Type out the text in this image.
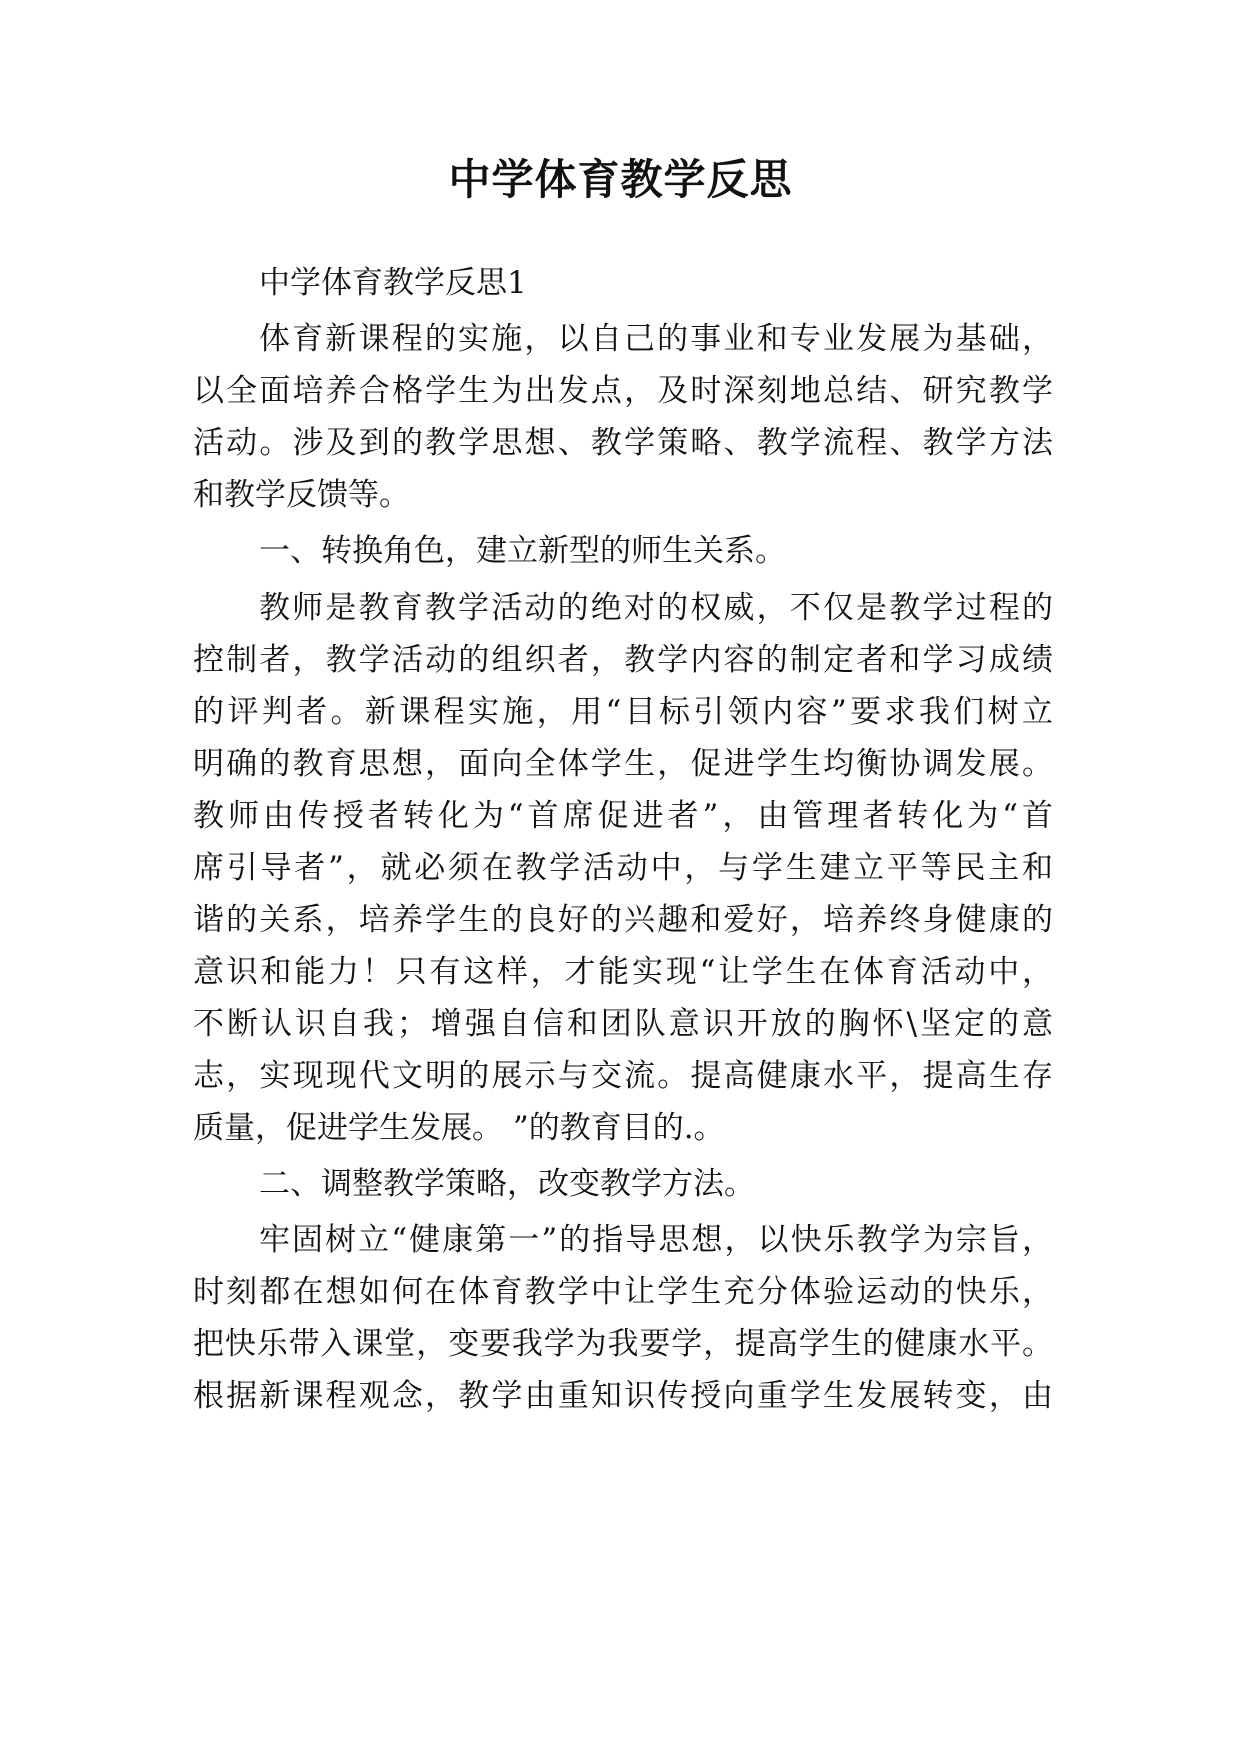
中学体育教学反思

中学体育教学反思1

体育新课程的实施，以自己的事业和专业发展为基础，

以全面培养合格学生为出发点，及时深刻地总结、研究教学

活动。涉及到的教学思想、教学策略、教学流程、教学方法

和教学反馈等。

一、转换角色，建立新型的师生关系。

教师是教育教学活动的绝对的权威，不仅是教学过程的

控制者，教学活动的组织者，教学内容的制定者和学习成绩

的评判者。新课程实施，用“目标引领内容”要求我们树立

明确的教育思想，面向全体学生，促进学生均衡协调发展。

教师由传授者转化为“首席促进者”，由管理者转化为“首

席引导者”，就必须在教学活动中，与学生建立平等民主和

谐的关系，培养学生的良好的兴趣和爱好，培养终身健康的

意识和能力！只有这样，才能实现“让学生在体育活动中，

不断认识自我；增强自信和团队意识开放的胸怀\坚定的意

志，实现现代文明的展示与交流。提高健康水平，提高生存

质量，促进学生发展。 ”的教育目的.。

二、调整教学策略，改变教学方法。

牢固树立“健康第一”的指导思想，以快乐教学为宗旨，

时刻都在想如何在体育教学中让学生充分体验运动的快乐，

把快乐带入课堂，变要我学为我要学，提高学生的健康水平。

根据新课程观念，教学由重知识传授向重学生发展转变，由
